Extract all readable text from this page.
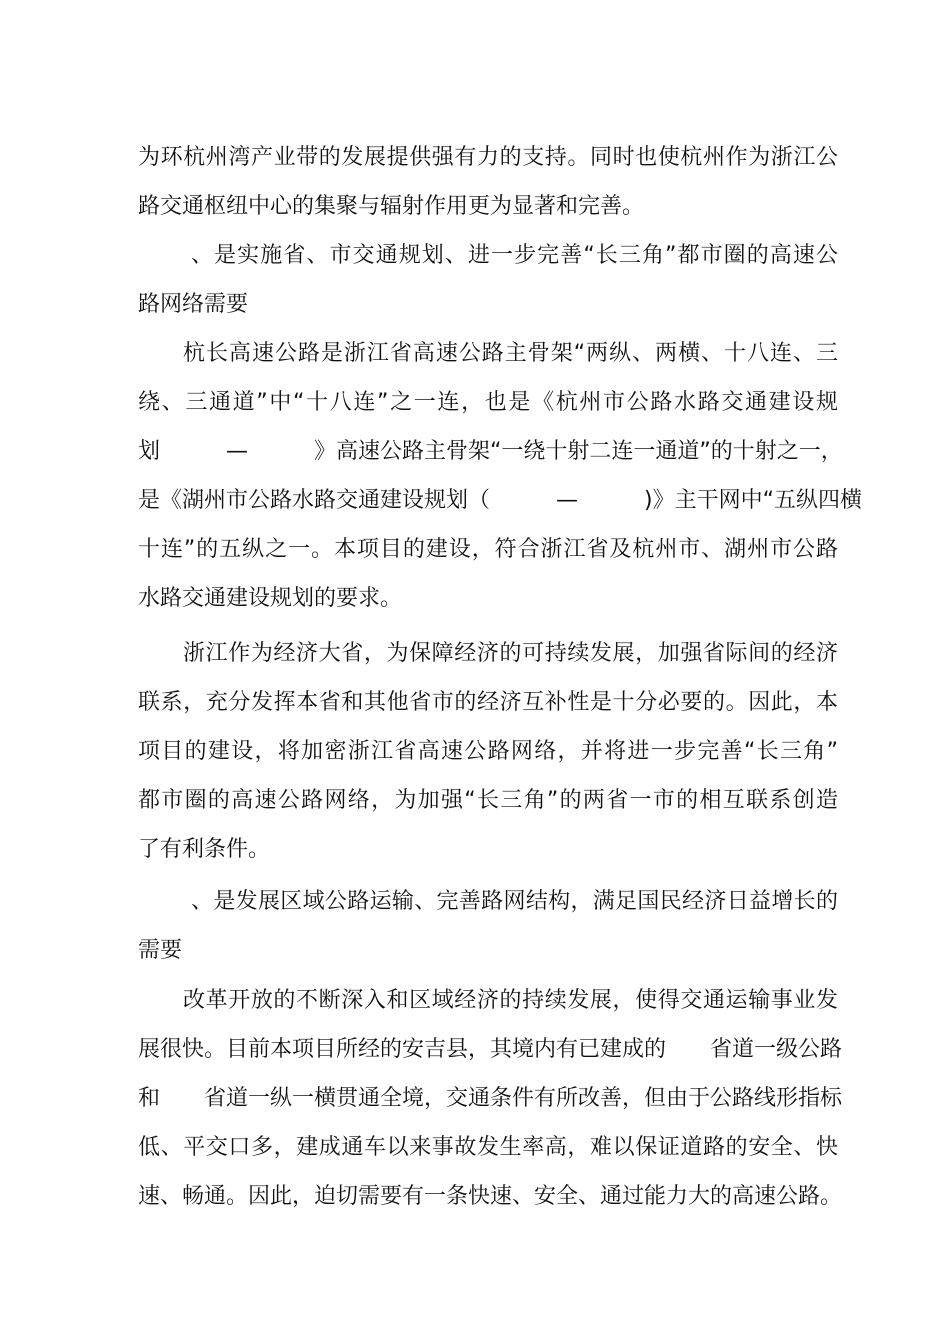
为环杭州湾产业带的发展提供强有力的支持。同时也使杭州作为浙江公
路交通枢纽中心的集聚与辐射作用更为显著和完善。
、是实施省、市交通规划、进一步完善“长三角”都市圈的高速公
路网络需要
杭长高速公路是浙江省高速公路主骨架“两纵、两横、十八连、三
绕、三通道”中“十八连”之一连，也是《杭州市公路水路交通建设规
划　　　—　　　》高速公路主骨架“一绕十射二连一通道”的十射之一，
是《湖州市公路水路交通建设规划（　　　—　　　)》主干网中“五纵四横
十连”的五纵之一。本项目的建设，符合浙江省及杭州市、湖州市公路
水路交通建设规划的要求。
浙江作为经济大省，为保障经济的可持续发展，加强省际间的经济
联系，充分发挥本省和其他省市的经济互补性是十分必要的。因此，本
项目的建设，将加密浙江省高速公路网络，并将进一步完善“长三角”
都市圈的高速公路网络，为加强“长三角”的两省一市的相互联系创造
了有利条件。
、是发展区域公路运输、完善路网结构，满足国民经济日益增长的
需要
改革开放的不断深入和区域经济的持续发展，使得交通运输事业发
展很快。目前本项目所经的安吉县，其境内有已建成的　　省道一级公路
和　　省道一纵一横贯通全境，交通条件有所改善，但由于公路线形指标
低、平交口多，建成通车以来事故发生率高，难以保证道路的安全、快
速、畅通。因此，迫切需要有一条快速、安全、通过能力大的高速公路。
